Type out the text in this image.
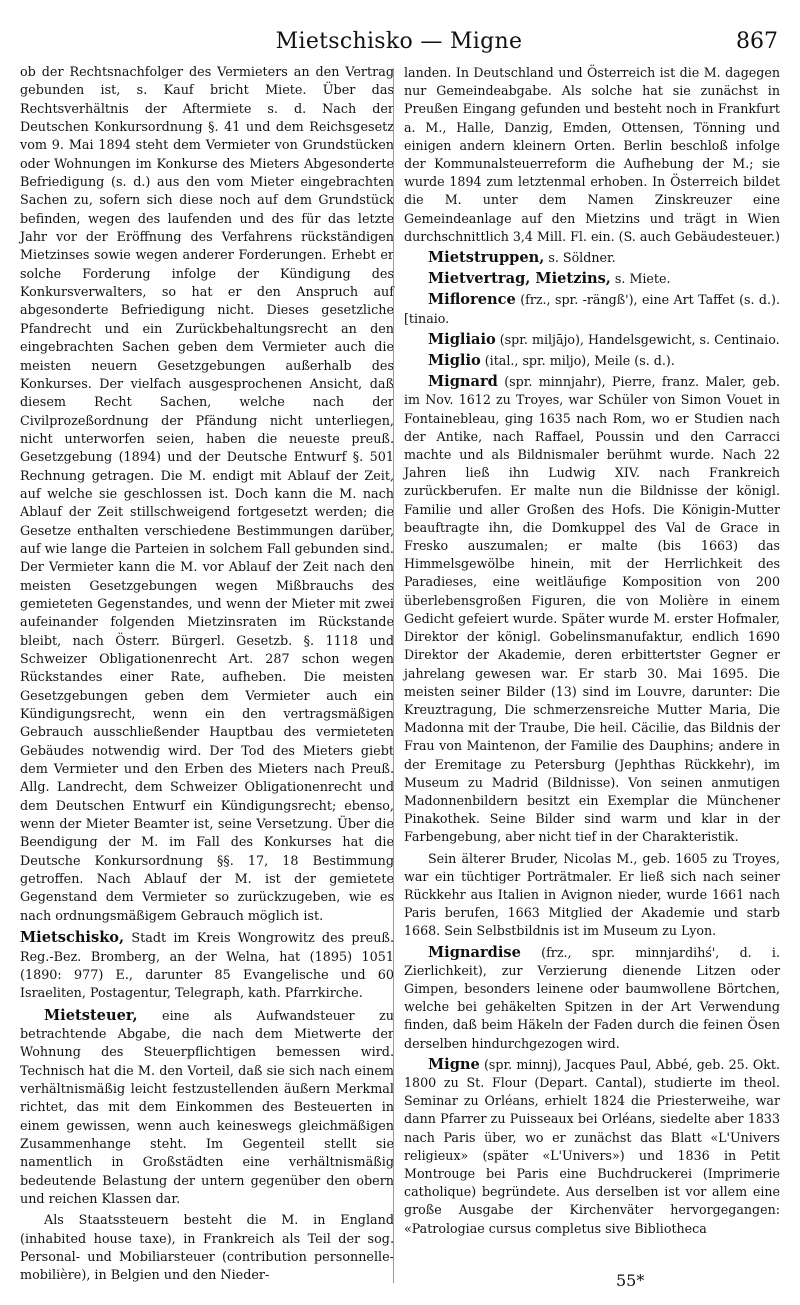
Mietschisko — Migne	867

ob der Rechtsnachfolger des Vermieters an den Vertrag gebunden ist, s. Kauf bricht Miete. Über das Rechtsverhältnis der Aftermiete s. d. Nach der Deutschen Konkursordnung §. 41 und dem Reichsgesetz vom 9. Mai 1894 steht dem Vermieter von Grundstücken oder Wohnungen im Konkurse des Mieters Abgesonderte Befriedigung (s. d.) aus den vom Mieter eingebrachten Sachen zu, sofern sich diese noch auf dem Grundstück befinden, wegen des laufenden und des für das letzte Jahr vor der Eröffnung des Verfahrens rückständigen Mietzinses sowie wegen anderer Forderungen. Erhebt er solche Forderung infolge der Kündigung des Konkursverwalters, so hat er den Anspruch auf abgesonderte Befriedigung nicht. Dieses gesetzliche Pfandrecht und ein Zurückbehaltungsrecht an den eingebrachten Sachen geben dem Vermieter auch die meisten neuern Gesetzgebungen außerhalb des Konkurses. Der vielfach ausgesprochenen Ansicht, daß diesem Recht Sachen, welche nach der Civilprozeßordnung der Pfändung nicht unterliegen, nicht unterworfen seien, haben die neueste preuß. Gesetzgebung (1894) und der Deutsche Entwurf §. 501 Rechnung getragen. Die M. endigt mit Ablauf der Zeit, auf welche sie geschlossen ist. Doch kann die M. nach Ablauf der Zeit stillschweigend fortgesetzt werden; die Gesetze enthalten verschiedene Bestimmungen darüber, auf wie lange die Parteien in solchem Fall gebunden sind. Der Vermieter kann die M. vor Ablauf der Zeit nach den meisten Gesetzgebungen wegen Mißbrauchs des gemieteten Gegenstandes, und wenn der Mieter mit zwei aufeinander folgenden Mietzinsraten im Rückstande bleibt, nach Österr. Bürgerl. Gesetzb. §. 1118 und Schweizer Obligationenrecht Art. 287 schon wegen Rückstandes einer Rate, aufheben. Die meisten Gesetzgebungen geben dem Vermieter auch ein Kündigungsrecht, wenn ein den vertragsmäßigen Gebrauch ausschließender Hauptbau des vermieteten Gebäudes notwendig wird. Der Tod des Mieters giebt dem Vermieter und den Erben des Mieters nach Preuß. Allg. Landrecht, dem Schweizer Obligationenrecht und dem Deutschen Entwurf ein Kündigungsrecht; ebenso, wenn der Mieter Beamter ist, seine Versetzung. Über die Beendigung der M. im Fall des Konkurses hat die Deutsche Konkursordnung §§. 17, 18 Bestimmung getroffen. Nach Ablauf der M. ist der gemietete Gegenstand dem Vermieter so zurückzugeben, wie es nach ordnungsmäßigem Gebrauch möglich ist.

Mietschisko, Stadt im Kreis Wongrowitz des preuß. Reg.-Bez. Bromberg, an der Welna, hat (1895) 1051 (1890: 977) E., darunter 85 Evangelische und 60 Israeliten, Postagentur, Telegraph, kath. Pfarrkirche.

Mietsteuer, eine als Aufwandsteuer zu betrachtende Abgabe, die nach dem Mietwerte der Wohnung des Steuerpflichtigen bemessen wird. Technisch hat die M. den Vorteil, daß sie sich nach einem verhältnismäßig leicht festzustellenden äußern Merkmal richtet, das mit dem Einkommen des Besteuerten in einem gewissen, wenn auch keineswegs gleichmäßigen Zusammenhange steht. Im Gegenteil stellt sie namentlich in Großstädten eine verhältnismäßig bedeutende Belastung der untern gegenüber den obern und reichen Klassen dar.

Als Staatssteuern besteht die M. in England (inhabited house taxe), in Frankreich als Teil der sog. Personal- und Mobiliarsteuer (contribution personnelle-mobilière), in Belgien und den Nieder-

landen. In Deutschland und Österreich ist die M. dagegen nur Gemeindeabgabe. Als solche hat sie zunächst in Preußen Eingang gefunden und besteht noch in Frankfurt a. M., Halle, Danzig, Emden, Ottensen, Tönning und einigen andern kleinern Orten. Berlin beschloß infolge der Kommunalsteuerreform die Aufhebung der M.; sie wurde 1894 zum letztenmal erhoben. In Österreich bildet die M. unter dem Namen Zinskreuzer eine Gemeindeanlage auf den Mietzins und trägt in Wien durchschnittlich 3,4 Mill. Fl. ein. (S. auch Gebäudesteuer.)

Mietstruppen, s. Söldner.

Mietvertrag, Mietzins, s. Miete.

Miflorence (frz., spr. -rängß'), eine Art Taffet (s. d.). [tinaio.

Migliaio (spr. miljājo), Handelsgewicht, s. Centinaio.

Miglio (ital., spr. miljo), Meile (s. d.).

Mignard (spr. minnjahr), Pierre, franz. Maler, geb. im Nov. 1612 zu Troyes, war Schüler von Simon Vouet in Fontainebleau, ging 1635 nach Rom, wo er Studien nach der Antike, nach Raffael, Poussin und den Carracci machte und als Bildnismaler berühmt wurde. Nach 22 Jahren ließ ihn Ludwig XIV. nach Frankreich zurückberufen. Er malte nun die Bildnisse der königl. Familie und aller Großen des Hofs. Die Königin-Mutter beauftragte ihn, die Domkuppel des Val de Grace in Fresko auszumalen; er malte (bis 1663) das Himmelsgewölbe hinein, mit der Herrlichkeit des Paradieses, eine weitläufige Komposition von 200 überlebensgroßen Figuren, die von Molière in einem Gedicht gefeiert wurde. Später wurde M. erster Hofmaler, Direktor der königl. Gobelinsmanufaktur, endlich 1690 Direktor der Akademie, deren erbittertster Gegner er jahrelang gewesen war. Er starb 30. Mai 1695. Die meisten seiner Bilder (13) sind im Louvre, darunter: Die Kreuztragung, Die schmerzensreiche Mutter Maria, Die Madonna mit der Traube, Die heil. Cäcilie, das Bildnis der Frau von Maintenon, der Familie des Dauphins; andere in der Eremitage zu Petersburg (Jephthas Rückkehr), im Museum zu Madrid (Bildnisse). Von seinen anmutigen Madonnenbildern besitzt ein Exemplar die Münchener Pinakothek. Seine Bilder sind warm und klar in der Farbengebung, aber nicht tief in der Charakteristik.

Sein älterer Bruder, Nicolas M., geb. 1605 zu Troyes, war ein tüchtiger Porträtmaler. Er ließ sich nach seiner Rückkehr aus Italien in Avignon nieder, wurde 1661 nach Paris berufen, 1663 Mitglied der Akademie und starb 1668. Sein Selbstbildnis ist im Museum zu Lyon.

Mignardise (frz., spr. minnjardihś', d. i. Zierlichkeit), zur Verzierung dienende Litzen oder Gimpen, besonders leinene oder baumwollene Börtchen, welche bei gehäkelten Spitzen in der Art Verwendung finden, daß beim Häkeln der Faden durch die feinen Ösen derselben hindurchgezogen wird.

Migne (spr. minnj), Jacques Paul, Abbé, geb. 25. Okt. 1800 zu St. Flour (Depart. Cantal), studierte im theol. Seminar zu Orléans, erhielt 1824 die Priesterweihe, war dann Pfarrer zu Puisseaux bei Orléans, siedelte aber 1833 nach Paris über, wo er zunächst das Blatt «L'Univers religieux» (später «L'Univers») und 1836 in Petit Montrouge bei Paris eine Buchdruckerei (Imprimerie catholique) begründete. Aus derselben ist vor allem eine große Ausgabe der Kirchenväter hervorgegangen: «Patrologiae cursus completus sive Bibliotheca

55*
